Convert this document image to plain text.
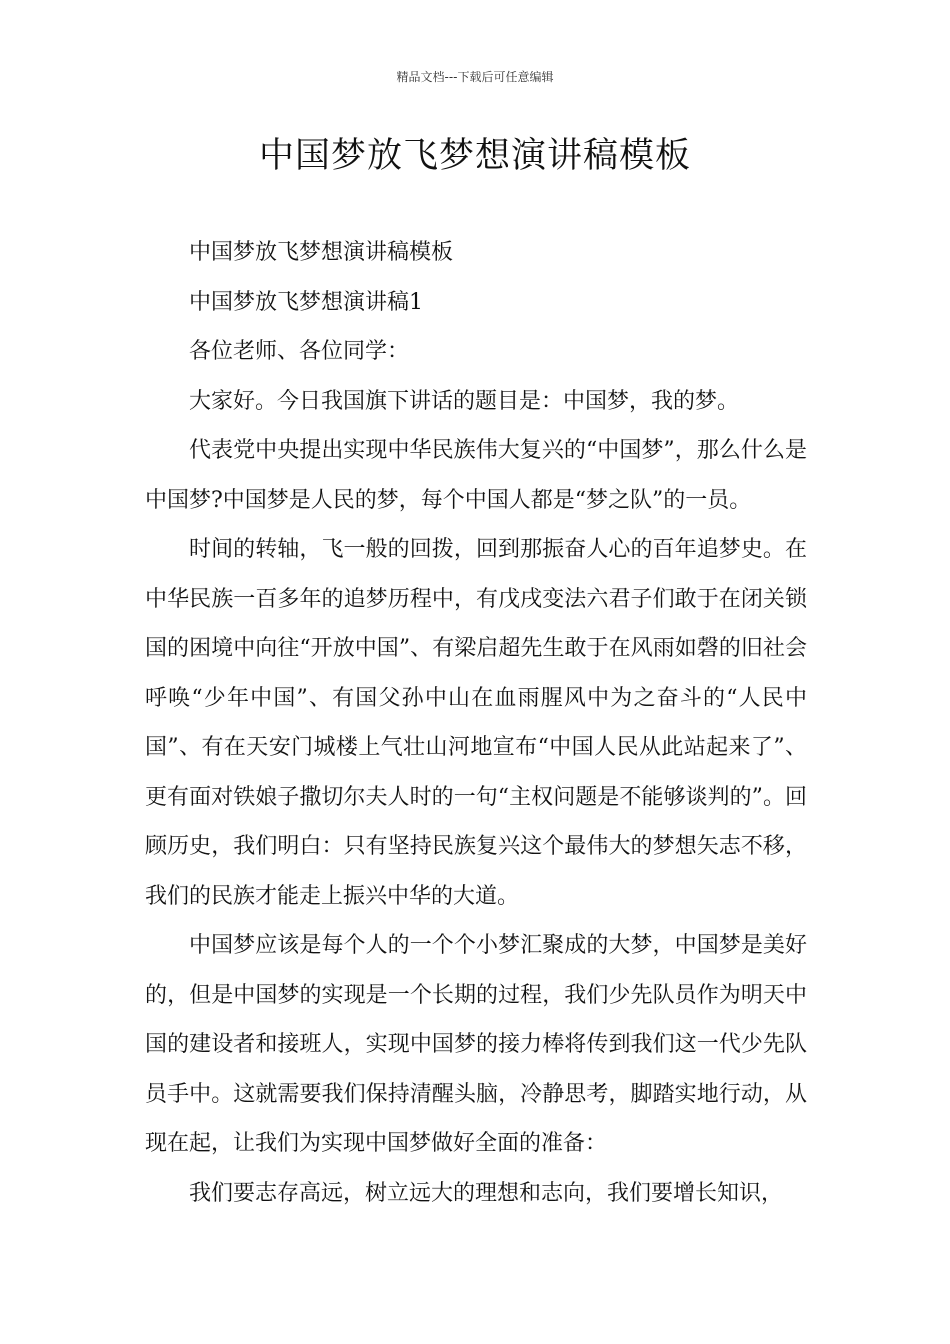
精品文档---下载后可任意编辑
中国梦放飞梦想演讲稿模板

中国梦放飞梦想演讲稿模板

中国梦放飞梦想演讲稿1

各位老师、各位同学：

大家好。今日我国旗下讲话的题目是：中国梦，我的梦。

代表党中央提出实现中华民族伟大复兴的“中国梦”，那么什么是中国梦?中国梦是人民的梦，每个中国人都是“梦之队”的一员。

时间的转轴，飞一般的回拨，回到那振奋人心的百年追梦史。在中华民族一百多年的追梦历程中，有戊戌变法六君子们敢于在闭关锁国的困境中向往“开放中国”、有梁启超先生敢于在风雨如磬的旧社会呼唤“少年中国”、有国父孙中山在血雨腥风中为之奋斗的“人民中国”、有在天安门城楼上气壮山河地宣布“中国人民从此站起来了”、更有面对铁娘子撒切尔夫人时的一句“主权问题是不能够谈判的”。回顾历史，我们明白：只有坚持民族复兴这个最伟大的梦想矢志不移，我们的民族才能走上振兴中华的大道。

中国梦应该是每个人的一个个小梦汇聚成的大梦，中国梦是美好的，但是中国梦的实现是一个长期的过程，我们少先队员作为明天中国的建设者和接班人，实现中国梦的接力棒将传到我们这一代少先队员手中。这就需要我们保持清醒头脑，冷静思考，脚踏实地行动，从现在起，让我们为实现中国梦做好全面的准备：

我们要志存高远，树立远大的理想和志向，我们要增长知识，
